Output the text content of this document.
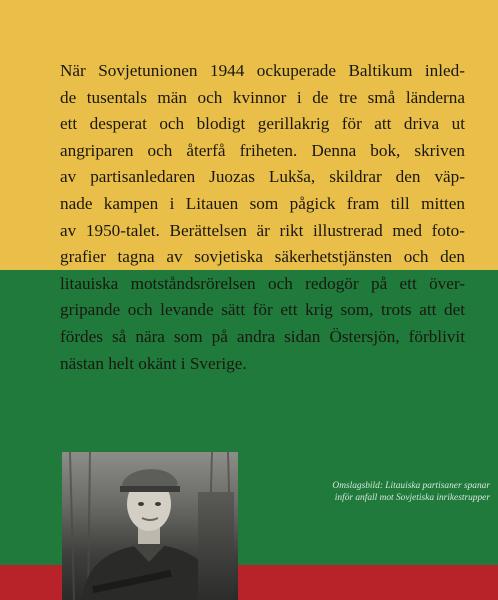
När Sovjetunionen 1944 ockuperade Baltikum inled-
de tusentals män och kvinnor i de tre små länderna
ett desperat och blodigt gerillakrig för att driva ut
angriparen och återfå friheten. Denna bok, skriven
av partisanledaren Juozas Lukša, skildrar den väp-
nade kampen i Litauen som pågick fram till mitten
av 1950-talet. Berättelsen är rikt illustrerad med foto-
grafier tagna av sovjetiska säkerhetstjänsten och den
litauiska motståndsrörelsen och redogör på ett över-
gripande och levande sätt för ett krig som, trots att det
fördes så nära som på andra sidan Östersjön, förblivit
nästan helt okänt i Sverige.

Omslagsbild: Litauiska partisaner spanar
inför anfall mot Sovjetiska inrikestrupper
